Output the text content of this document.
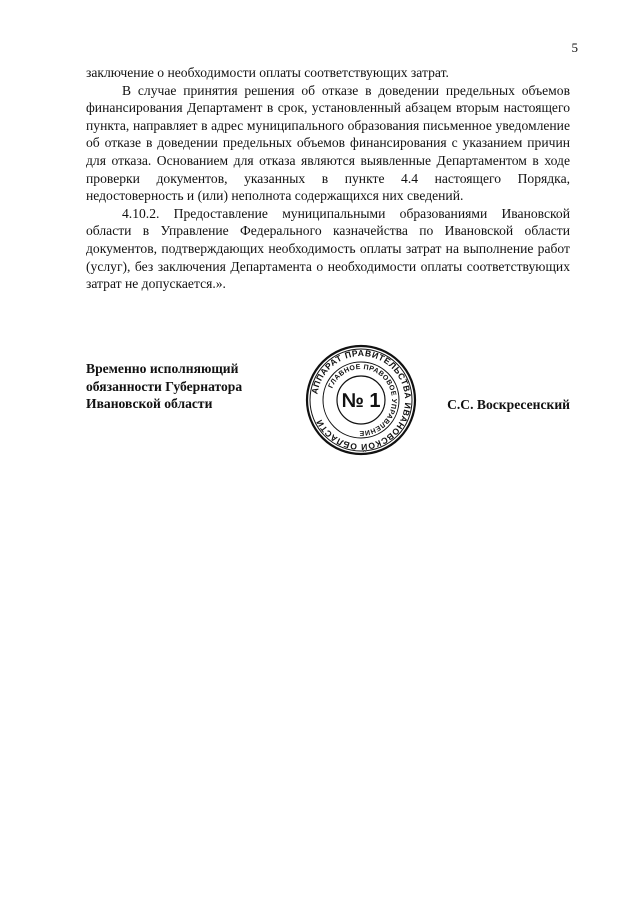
5

заключение о необходимости оплаты соответствующих затрат.

В случае принятия решения об отказе в доведении предельных объемов финансирования Департамент в срок, установленный абзацем вторым настоящего пункта, направляет в адрес муниципального образования письменное уведомление об отказе в доведении предельных объемов финансирования с указанием причин для отказа. Основанием для отказа являются выявленные Департаментом в ходе проверки документов, указанных в пункте 4.4 настоящего Порядка, недостоверность и (или) неполнота содержащихся них сведений.

4.10.2. Предоставление муниципальными образованиями Ивановской области в Управление Федерального казначейства по Ивановской области документов, подтверждающих необходимость оплаты затрат на выполнение работ (услуг), без заключения Департамента о необходимости оплаты соответствующих затрат не допускается.».

Временно исполняющий
обязанности Губернатора
Ивановской области
АППАРАТ ПРАВИТЕЛЬСТВА ИВАНОВСКОЙ ОБЛАСТИ
ГЛАВНОЕ ПРАВОВОЕ УПРАВЛЕНИЕ
№ 1	С.С. Воскресенский
